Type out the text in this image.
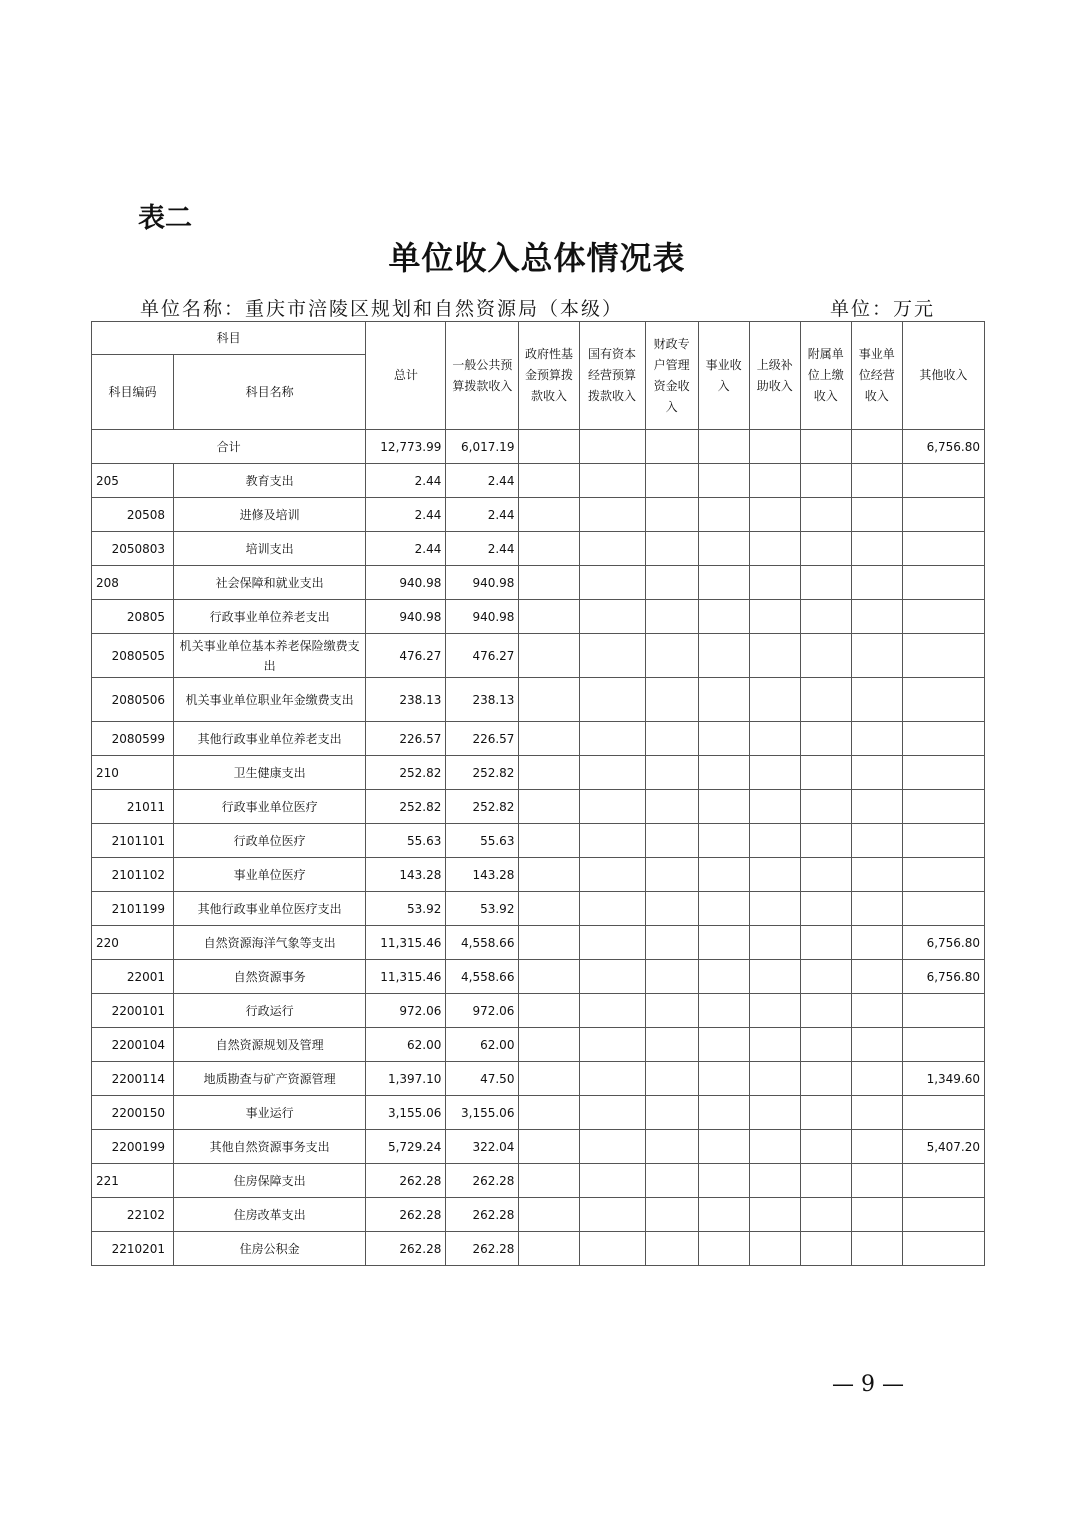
表二
单位收入总体情况表
单位名称：重庆市涪陵区规划和自然资源局（本级）	单位：万元
科目		总计	一般公共预算拨款收入	政府性基金预算拨款收入	国有资本经营预算拨款收入	财政专户管理资金收入	事业收入	上级补助收入	附属单位上缴收入	事业单位经营收入	其他收入
科目编码	科目名称										
合计		12,773.99	6,017.19								6,756.80
205	教育支出	2.44	2.44								
20508	进修及培训	2.44	2.44								
2050803	培训支出	2.44	2.44								
208	社会保障和就业支出	940.98	940.98								
20805	行政事业单位养老支出	940.98	940.98								
2080505	机关事业单位基本养老保险缴费支出	476.27	476.27								
2080506	机关事业单位职业年金缴费支出	238.13	238.13								
2080599	其他行政事业单位养老支出	226.57	226.57								
210	卫生健康支出	252.82	252.82								
21011	行政事业单位医疗	252.82	252.82								
2101101	行政单位医疗	55.63	55.63								
2101102	事业单位医疗	143.28	143.28								
2101199	其他行政事业单位医疗支出	53.92	53.92								
220	自然资源海洋气象等支出	11,315.46	4,558.66								6,756.80
22001	自然资源事务	11,315.46	4,558.66								6,756.80
2200101	行政运行	972.06	972.06								
2200104	自然资源规划及管理	62.00	62.00								
2200114	地质勘查与矿产资源管理	1,397.10	47.50								1,349.60
2200150	事业运行	3,155.06	3,155.06								
2200199	其他自然资源事务支出	5,729.24	322.04								5,407.20
221	住房保障支出	262.28	262.28								
22102	住房改革支出	262.28	262.28								
2210201	住房公积金	262.28	262.28								
— 9 —
